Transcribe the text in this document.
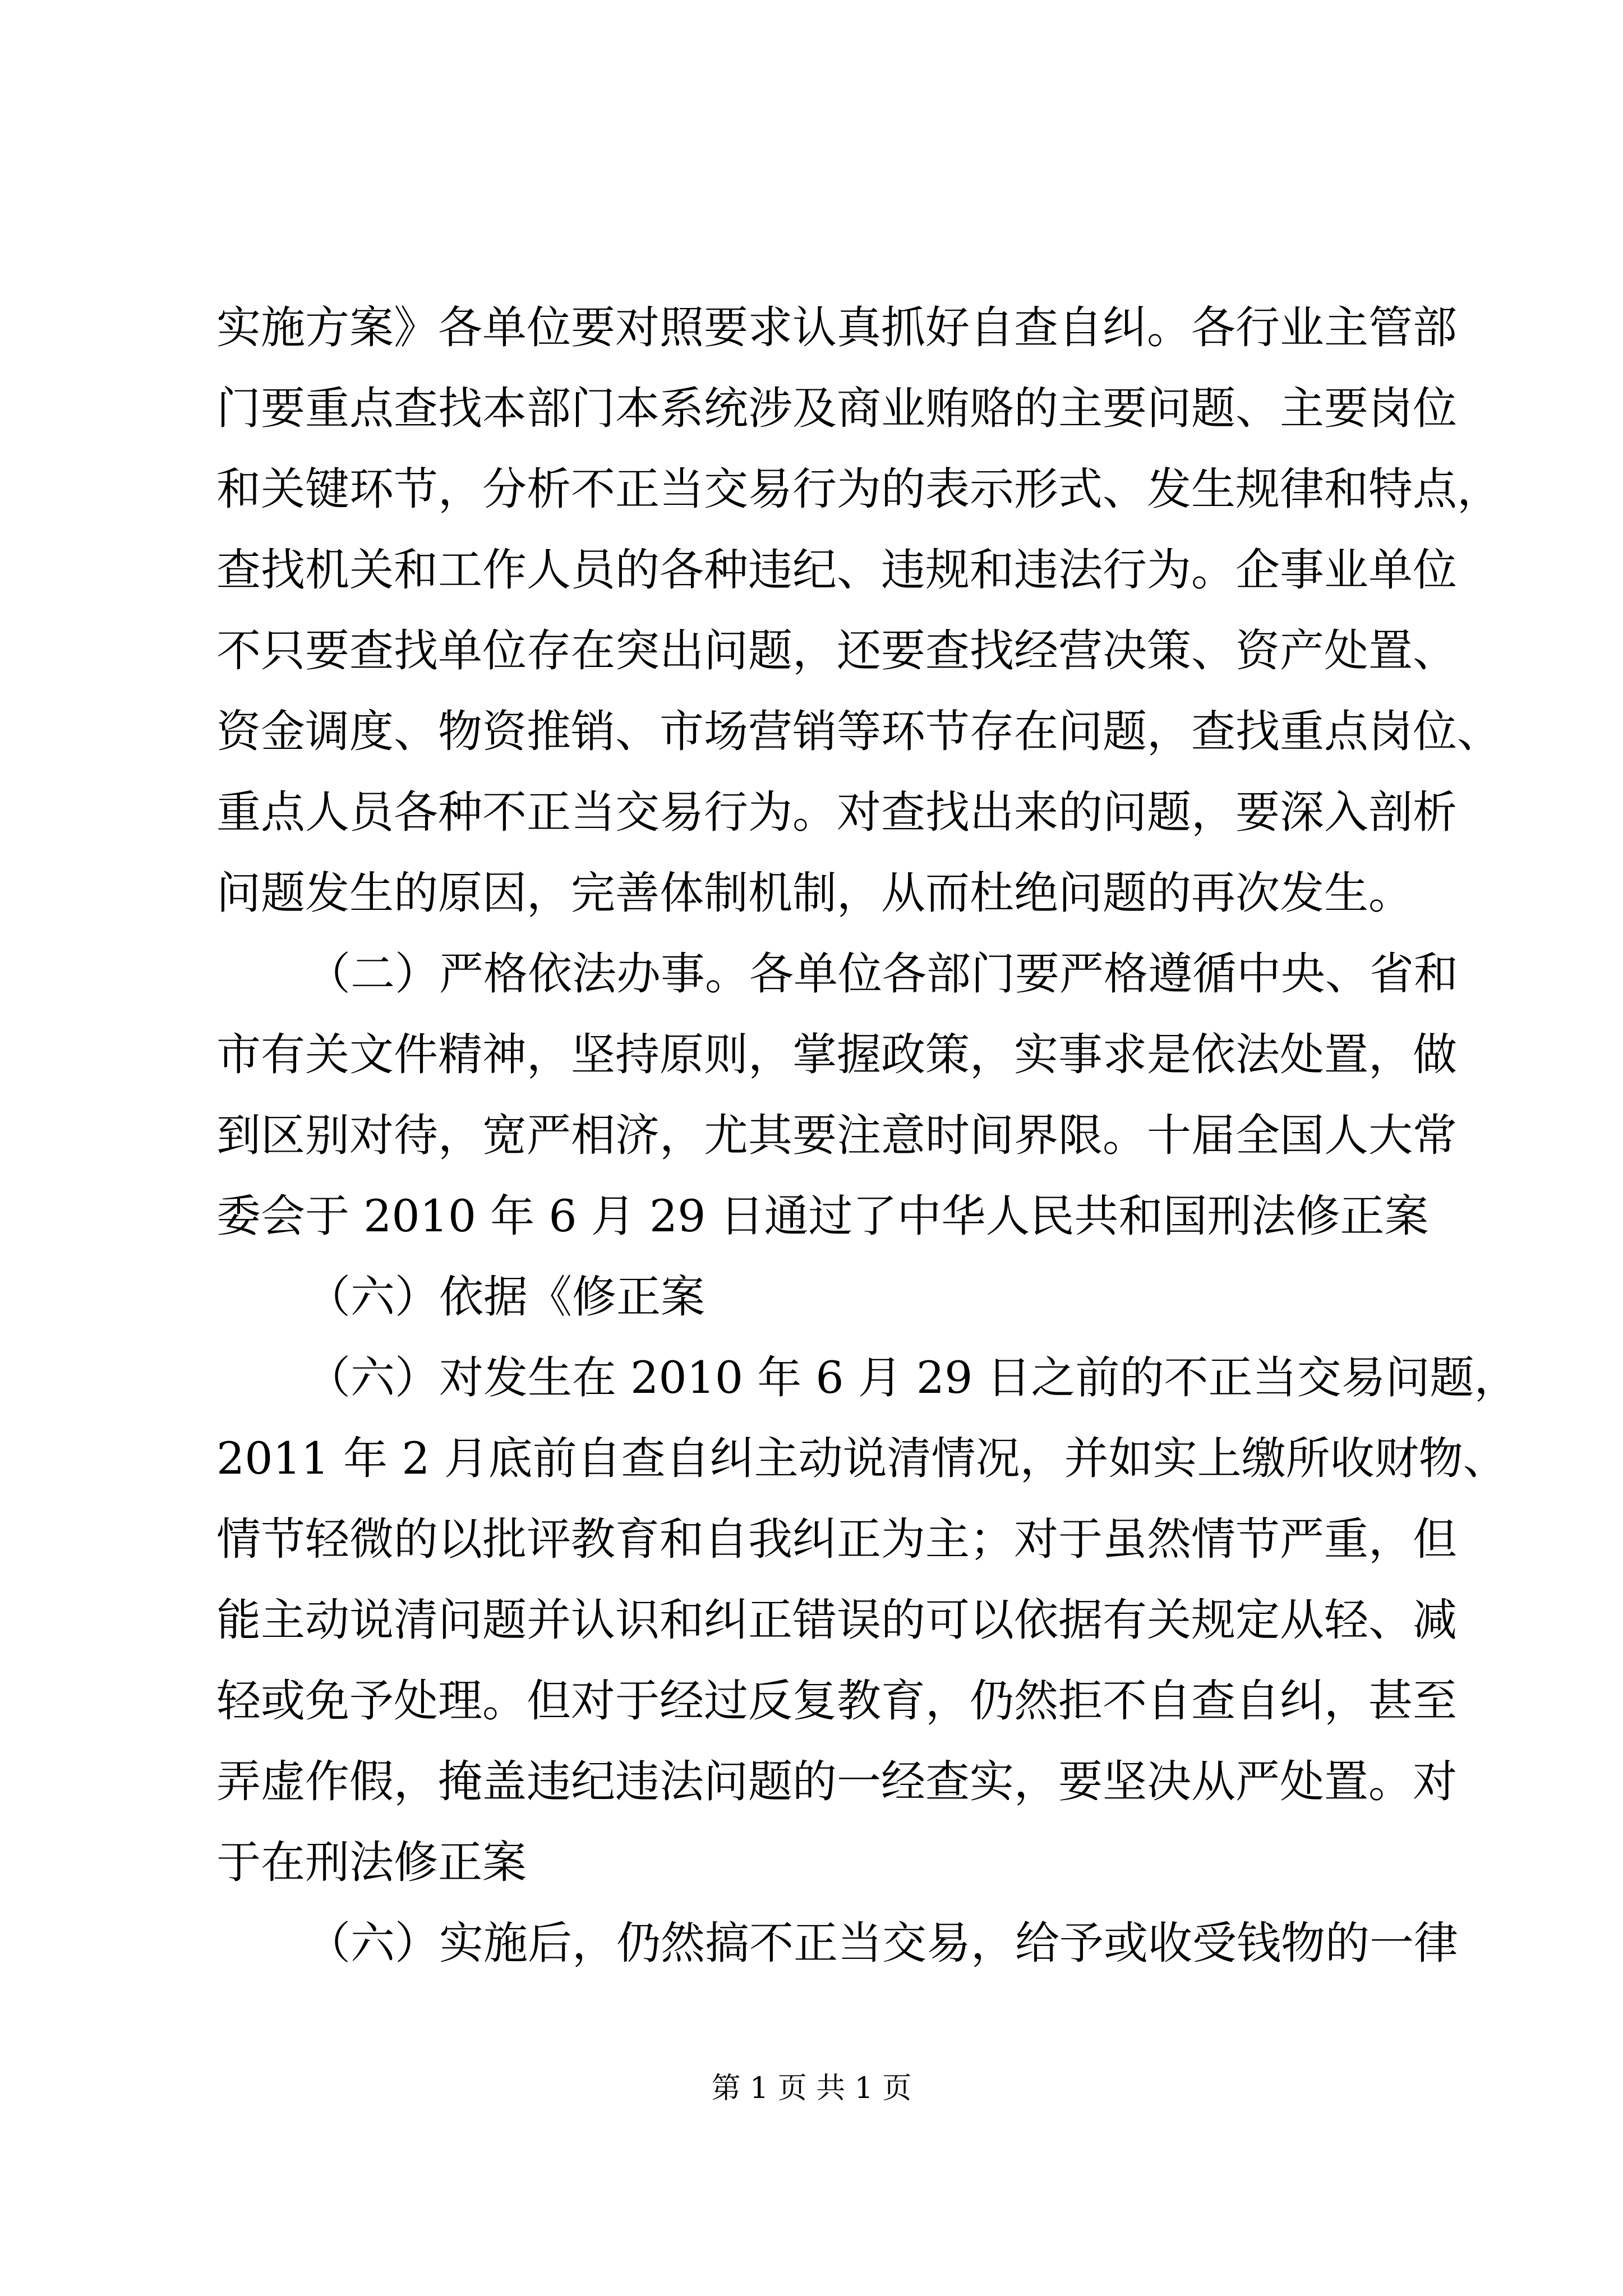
实施方案》各单位要对照要求认真抓好自查自纠。各行业主管部
门要重点查找本部门本系统涉及商业贿赂的主要问题、主要岗位
和关键环节，分析不正当交易行为的表示形式、发生规律和特点，
查找机关和工作人员的各种违纪、违规和违法行为。企事业单位
不只要查找单位存在突出问题，还要查找经营决策、资产处置、
资金调度、物资推销、市场营销等环节存在问题，查找重点岗位、
重点人员各种不正当交易行为。对查找出来的问题，要深入剖析
问题发生的原因，完善体制机制，从而杜绝问题的再次发生。
（二）严格依法办事。各单位各部门要严格遵循中央、省和
市有关文件精神，坚持原则，掌握政策，实事求是依法处置，做
到区别对待，宽严相济，尤其要注意时间界限。十届全国人大常
委会于 2010 年 6 月 29 日通过了中华人民共和国刑法修正案
（六）依据《修正案
（六）对发生在 2010 年 6 月 29 日之前的不正当交易问题，
2011 年 2 月底前自查自纠主动说清情况，并如实上缴所收财物、
情节轻微的以批评教育和自我纠正为主；对于虽然情节严重，但
能主动说清问题并认识和纠正错误的可以依据有关规定从轻、减
轻或免予处理。但对于经过反复教育，仍然拒不自查自纠，甚至
弄虚作假，掩盖违纪违法问题的一经查实，要坚决从严处置。对
于在刑法修正案
（六）实施后，仍然搞不正当交易，给予或收受钱物的一律
第 1 页 共 1 页
